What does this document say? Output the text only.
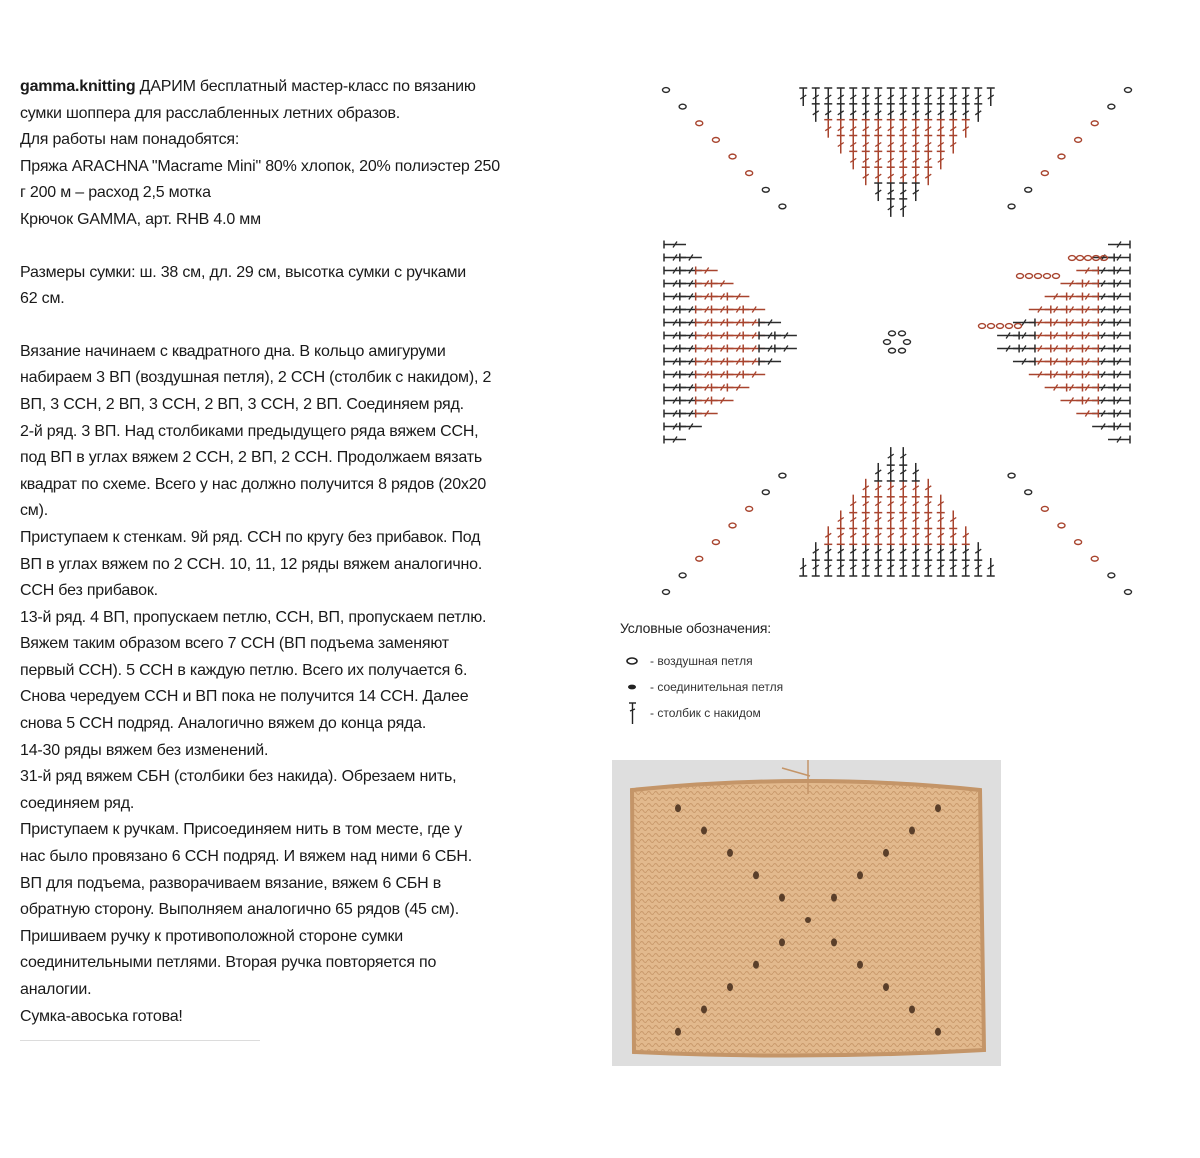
gamma.knitting ДАРИМ бесплатный мастер-класс по вязанию
сумки шоппера для расслабленных летних образов.
Для работы нам понадобятся:
Пряжа ARACHNA "Macrame Mini" 80% хлопок, 20% полиэстер 250
г 200 м – расход 2,5 мотка
Крючок GAMMA, арт. RHB 4.0 мм
Размеры сумки: ш. 38 см, дл. 29 см, высотка сумки с ручками
62 см.
Вязание начинаем с квадратного дна. В кольцо амигуруми
набираем 3 ВП (воздушная петля), 2 ССН (столбик с накидом), 2
ВП, 3 ССН, 2 ВП, 3 ССН, 2 ВП, 3 ССН, 2 ВП. Соединяем ряд.
2-й ряд. 3 ВП. Над столбиками предыдущего ряда вяжем ССН,
под ВП в углах вяжем 2 ССН, 2 ВП, 2 ССН. Продолжаем вязать
квадрат по схеме. Всего у нас должно получится 8 рядов (20х20
см).
Приступаем к стенкам. 9й ряд. ССН по кругу без прибавок. Под
ВП в углах вяжем по 2 ССН. 10, 11, 12 ряды вяжем аналогично.
ССН без прибавок.
13-й ряд. 4 ВП, пропускаем петлю, ССН, ВП, пропускаем петлю.
Вяжем таким образом всего 7 ССН (ВП подъема заменяют
первый ССН). 5 ССН в каждую петлю. Всего их получается 6.
Снова чередуем ССН и ВП пока не получится 14 ССН. Далее
снова 5 ССН подряд. Аналогично вяжем до конца ряда.
14-30 ряды вяжем без изменений.
31-й ряд вяжем СБН (столбики без накида). Обрезаем нить,
соединяем ряд.
Приступаем к ручкам. Присоединяем нить в том месте, где у
нас было провязано 6 ССН подряд. И вяжем над ними 6 СБН.
ВП для подъема, разворачиваем вязание, вяжем 6 СБН в
обратную сторону. Выполняем аналогично 65 рядов (45 см).
Пришиваем ручку к противоположной стороне сумки
соединительными петлями. Вторая ручка повторяется по
аналогии.
Сумка-авоська готова!
Условные обозначения:
- воздушная петля
- соединительная петля
- столбик с накидом
